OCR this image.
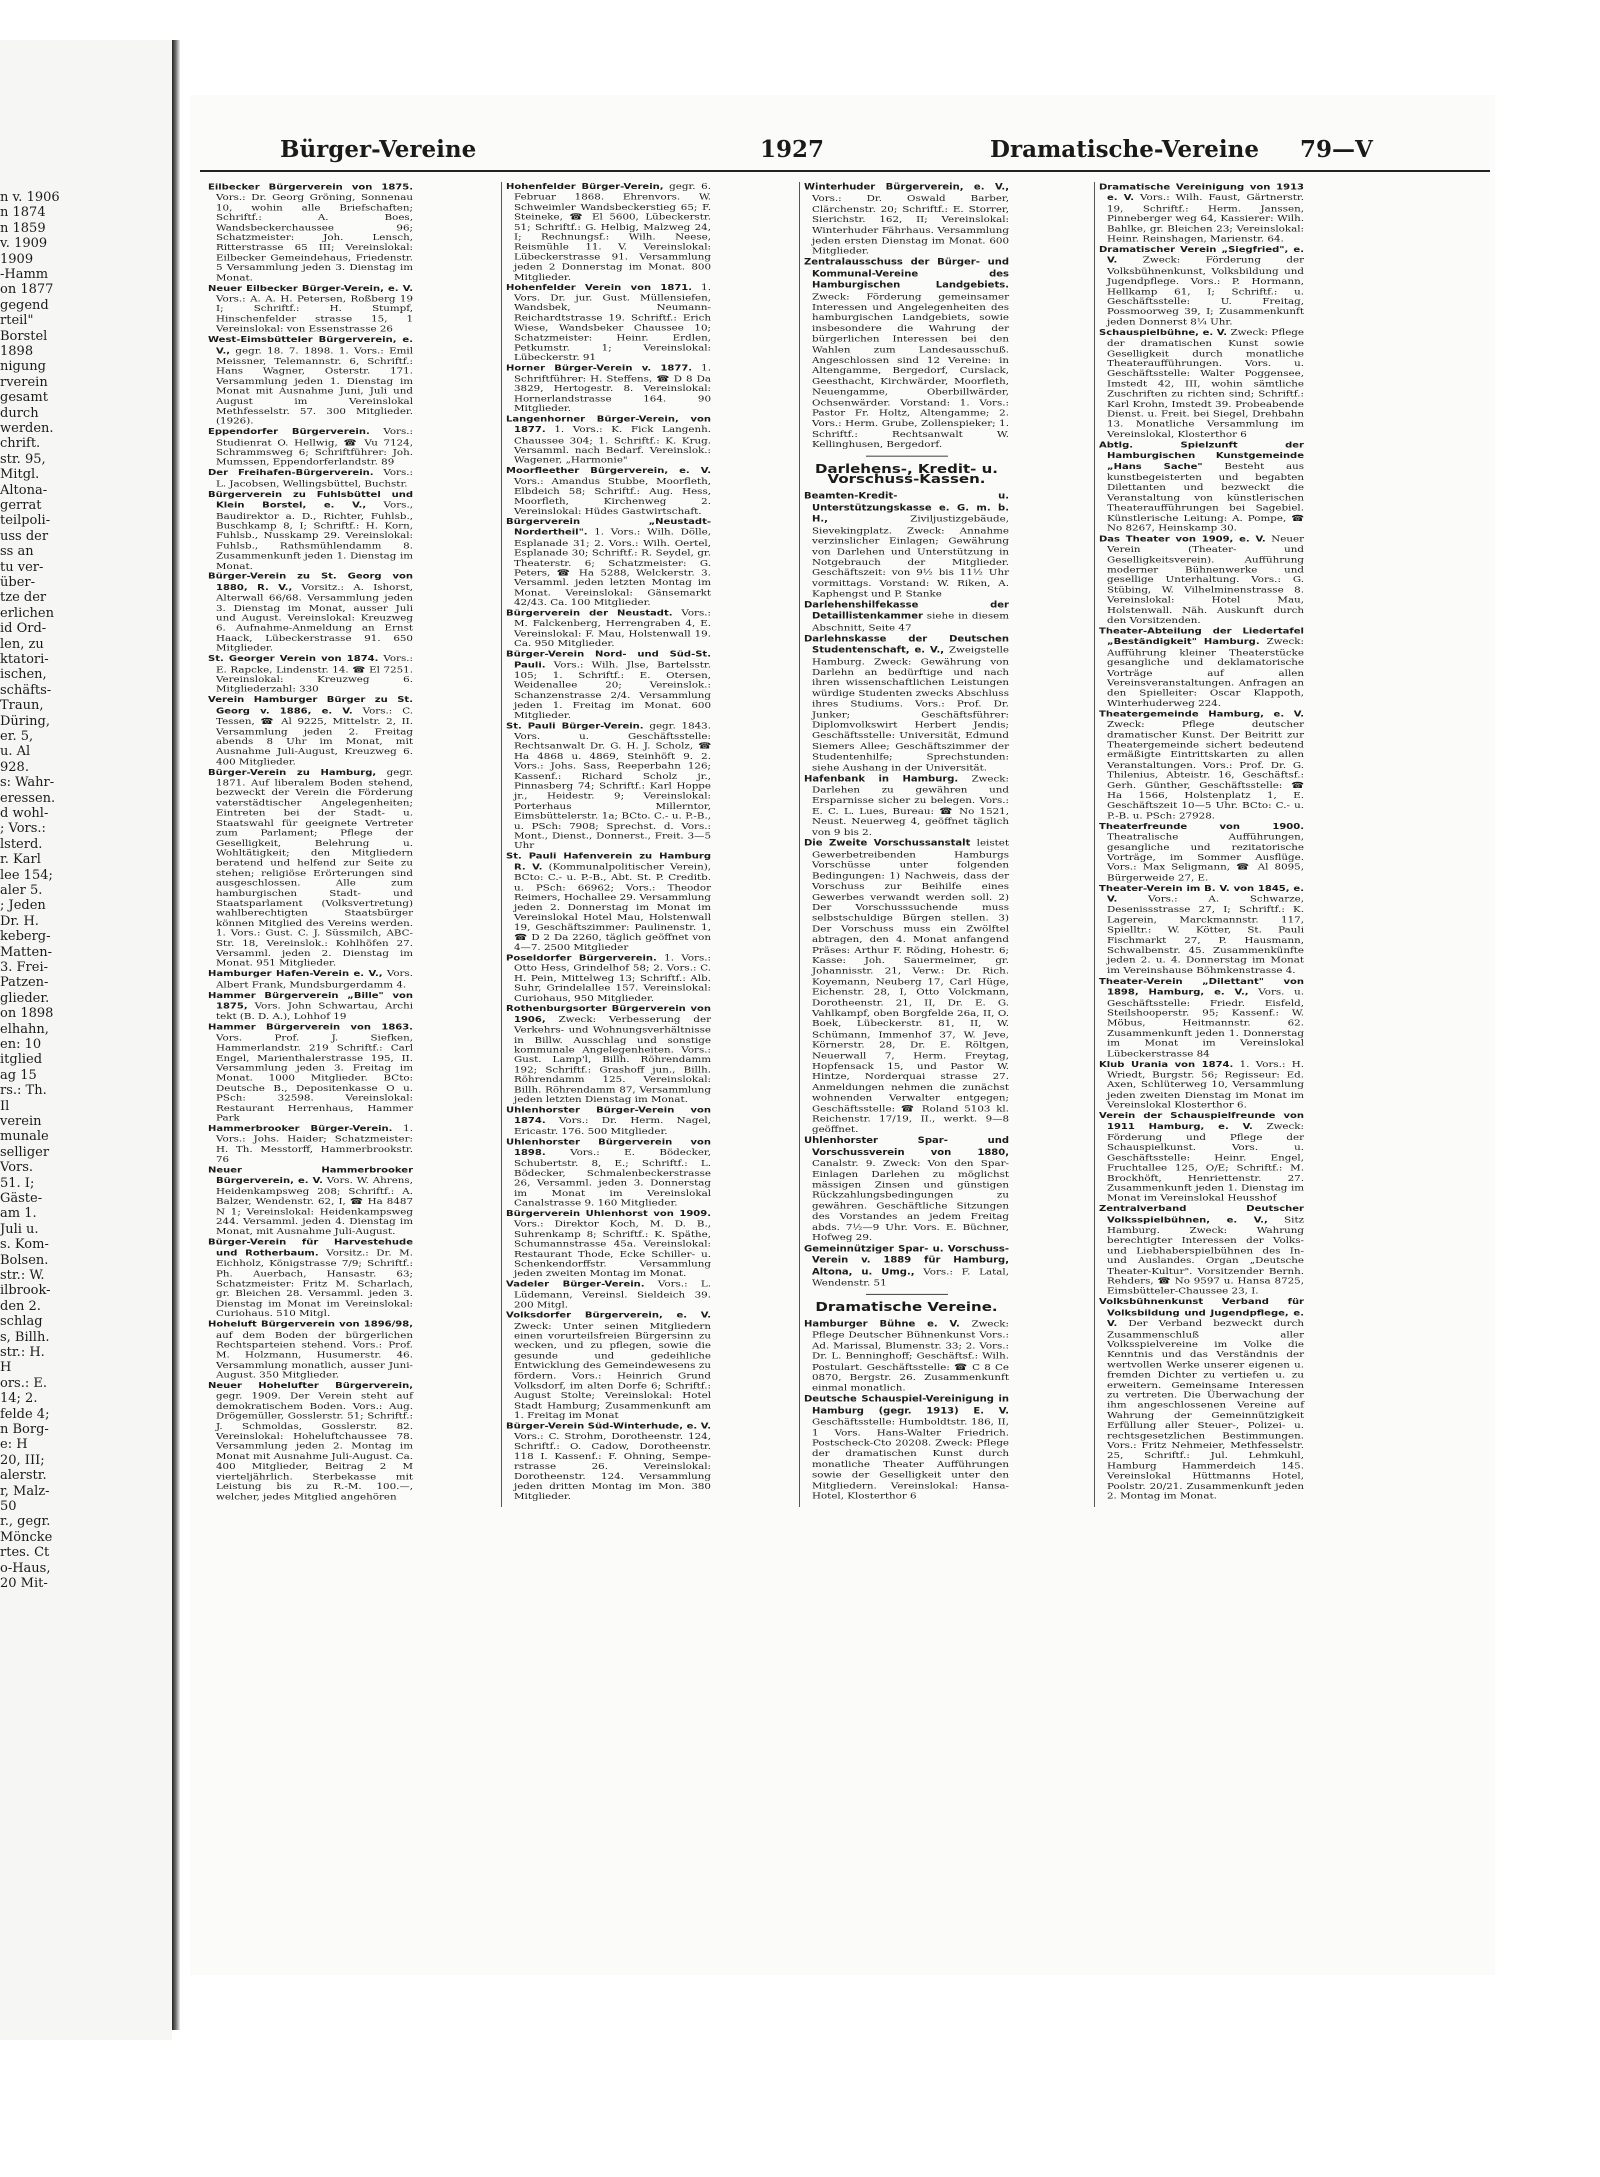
n v. 1906
n 1874
n 1859
v. 1909
1909
-Hamm
on 1877
gegend
rteil"
Borstel
1898
nigung
rverein
gesamt
durch
werden.
chrift.
str. 95,
Mitgl.
Altona-
gerrat
teilpoli-
uss der
ss an
tu ver-
über-
tze der
erlichen
id Ord-
len, zu
ktatori-
ischen,
schäfts-
Traun,
Düring,
er. 5,
u. Al
928.
s: Wahr-
eressen.
d wohl-
; Vors.:
lsterd.
r. Karl
lee 154;
aler 5.
; Jeden
Dr. H.
keberg-
Matten-
3. Frei-
Patzen-
glieder.
on 1898
elhahn,
en: 10
itglied
ag 15
rs.: Th.
Il
verein
munale
selliger
Vors.
51. I;
Gäste-
am 1.
Juli u.
s. Kom-
Bolsen.
str.: W.
ilbrook-
den 2.
schlag
s, Billh.
str.: H.
H
ors.: E.
14; 2.
felde 4;
n Borg-
e: H
20, III;
alerstr.
r, Malz-
50
r., gegr.
Möncke
rtes. Ct
o-Haus,
20 Mit-
Bürger-Vereine	1927	Dramatische-Vereine 79—V

Eilbecker Bürgerverein von 1875. Vors.: Dr. Georg Gröning, Sonnenau 10, wohin alle Briefschaften; Schriftf.: A. Boes, Wandsbeckerchaussee 96; Schatzmeister: Joh. Lensch, Ritterstrasse 65 III; Vereinslokal: Eilbecker Gemeindehaus, Friedenstr. 5 Versammlung jeden 3. Dienstag im Monat.

Neuer Eilbecker Bürger-Verein, e. V. Vors.: A. A. H. Petersen, Roßberg 19 I; Schriftf.: H. Stumpf, Hinschenfelder strasse 15, 1 Vereinslokal: von Essenstrasse 26

West-Eimsbütteler Bürgerverein, e. V., gegr. 18. 7. 1898. 1. Vors.: Emil Meissner, Telemannstr. 6, Schriftf.: Hans Wagner, Osterstr. 171. Versammlung jeden 1. Dienstag im Monat mit Ausnahme Juni, Juli und August im Vereinslokal Methfesselstr. 57. 300 Mitglieder. (1926).

Eppendorfer Bürgerverein. Vors.: Studienrat O. Hellwig, ☎ Vu 7124, Schrammsweg 6; Schriftführer: Joh. Mumssen, Eppendorferlandstr. 89

Der Freihafen-Bürgerverein. Vors.: L. Jacobsen, Wellingsbüttel, Buchstr.

Bürgerverein zu Fuhlsbüttel und Klein Borstel, e. V., Vors., Baudirektor a. D., Richter, Fuhlsb., Buschkamp 8, I; Schriftf.: H. Korn, Fuhlsb., Nusskamp 29. Vereinslokal: Fuhlsb., Rathsmühlendamm 8. Zusammenkunft jeden 1. Dienstag im Monat.

Bürger-Verein zu St. Georg von 1880, R. V., Vorsitz.: A. Ishorst, Alterwall 66/68. Versammlung jeden 3. Dienstag im Monat, ausser Juli und August. Vereinslokal: Kreuzweg 6. Aufnahme-Anmeldung an Ernst Haack, Lübeckerstrasse 91. 650 Mitglieder.

St. Georger Verein von 1874. Vors.: E. Rapcke, Lindenstr. 14. ☎ El 7251. Vereinslokal: Kreuzweg 6. Mitgliederzahl: 330

Verein Hamburger Bürger zu St. Georg v. 1886, e. V. Vors.: C. Tessen, ☎ Al 9225, Mittelstr. 2, II. Versammlung jeden 2. Freitag abends 8 Uhr im Monat, mit Ausnahme Juli-August, Kreuzweg 6. 400 Mitglieder.

Bürger-Verein zu Hamburg, gegr. 1871. Auf liberalem Boden stehend, bezweckt der Verein die Förderung vaterstädtischer Angelegenheiten; Eintreten bei der Stadt- u. Staatswahl für geeignete Vertreter zum Parlament; Pflege der Geselligkeit, Belehrung u. Wohltätigkeit; den Mitgliedern beratend und helfend zur Seite zu stehen; religiöse Erörterungen sind ausgeschlossen. Alle zum hamburgischen Stadt- und Staatsparlament (Volksvertretung) wahlberechtigten Staatsbürger können Mitglied des Vereins werden. 1. Vors.: Gust. C. J. Süssmilch, ABC-Str. 18, Vereinslok.: Kohlhöfen 27. Versamml. jeden 2. Dienstag im Monat. 951 Mitglieder.

Hamburger Hafen-Verein e. V., Vors. Albert Frank, Mundsburgerdamm 4.

Hammer Bürgerverein „Bille" von 1875, Vors. John Schwartau, Archi tekt (B. D. A.), Lohhof 19

Hammer Bürgerverein von 1863. Vors. Prof. J. Siefken, Hammerlandstr. 219 Schriftf.: Carl Engel, Marienthalerstrasse 195, II. Versammlung jeden 3. Freitag im Monat. 1000 Mitglieder. BCto: Deutsche B., Depositenkasse O u. PSch: 32598. Vereinslokal: Restaurant Herrenhaus, Hammer Park

Hammerbrooker Bürger-Verein. 1. Vors.: Johs. Haider; Schatzmeister: H. Th. Messtorff, Hammerbrookstr. 76

Neuer Hammerbrooker Bürgerverein, e. V. Vors. W. Ahrens, Heidenkampsweg 208; Schriftf.: A. Balzer, Wendenstr. 62, I, ☎ Ha 8487 N 1; Vereinslokal: Heidenkampsweg 244. Versamml. jeden 4. Dienstag im Monat, mit Ausnahme Juli-August.

Bürger-Verein für Harvestehude und Rotherbaum. Vorsitz.: Dr. M. Eichholz, Königstrasse 7/9; Schriftf.: Ph. Auerbach, Hansastr. 63; Schatzmeister: Fritz M. Scharlach, gr. Bleichen 28. Versamml. jeden 3. Dienstag im Monat im Vereinslokal: Curiohaus. 510 Mitgl.

Hoheluft Bürgerverein von 1896/98, auf dem Boden der bürgerlichen Rechtsparteien stehend. Vors.: Prof. M. Holzmann, Husumerstr. 46. Versammlung monatlich, ausser Juni-August. 350 Mitglieder.

Neuer Hohelufter Bürgerverein, gegr. 1909. Der Verein steht auf demokratischem Boden. Vors.: Aug. Drögemüller, Gosslerstr. 51; Schriftf.: J. Schmoldas, Gosslerstr. 82. Vereinslokal: Hoheluftchaussee 78. Versammlung jeden 2. Montag im Monat mit Ausnahme Juli-August. Ca. 400 Mitglieder, Beitrag 2 M vierteljährlich. Sterbekasse mit Leistung bis zu R.-M. 100.—, welcher, jedes Mitglied angehören

Hohenfelder Bürger-Verein, gegr. 6. Februar 1868. Ehrenvors. W. Schweimler Wandsbeckerstieg 65; F. Steineke, ☎ El 5600, Lübeckerstr. 51; Schriftf.: G. Helbig, Malzweg 24, I; Rechnungsf.: Wilh. Neese, Reismühle 11. V. Vereinslokal: Lübeckerstrasse 91. Versammlung jeden 2 Donnerstag im Monat. 800 Mitglieder.

Hohenfelder Verein von 1871. 1. Vors. Dr. jur. Gust. Müllensiefen, Wandsbek, Neumann-Reichardtstrasse 19. Schriftf.: Erich Wiese, Wandsbeker Chaussee 10; Schatzmeister: Heinr. Erdlen, Petkumstr. 1; Vereinslokal: Lübeckerstr. 91

Horner Bürger-Verein v. 1877. 1. Schriftführer: H. Steffens, ☎ D 8 Da 3829, Hertogestr. 8. Vereinslokal: Hornerlandstrasse 164. 90 Mitglieder.

Langenhorner Bürger-Verein, von 1877. 1. Vors.: K. Fick Langenh. Chaussee 304; 1. Schriftf.: K. Krug. Versamml. nach Bedarf. Vereinslok.: Wagener, „Harmonie"

Moorfleether Bürgerverein, e. V. Vors.: Amandus Stubbe, Moorfleth, Elbdeich 58; Schriftf.: Aug. Hess, Moorfleth, Kirchenweg 2. Vereinslokal: Hüdes Gastwirtschaft.

Bürgerverein „Neustadt-Nordertheil". 1. Vors.: Wilh. Dölle, Esplanade 31; 2. Vors.: Wilh. Oertel, Esplanade 30; Schriftf.: R. Seydel, gr. Theaterstr. 6; Schatzmeister: G. Peters, ☎ Ha 5288, Welckerstr. 3. Versamml. jeden letzten Montag im Monat. Vereinslokal: Gänsemarkt 42/43. Ca. 100 Mitglieder.

Bürgerverein der Neustadt. Vors.: M. Falckenberg, Herrengraben 4, E. Vereinslokal: F. Mau, Holstenwall 19. Ca. 950 Mitglieder.

Bürger-Verein Nord- und Süd-St. Pauli. Vors.: Wilh. Jlse, Bartelsstr. 105; 1. Schriftf.: E. Otersen, Weidenallee 20; Vereinslok.: Schanzenstrasse 2/4. Versammlung jeden 1. Freitag im Monat. 600 Mitglieder.

St. Pauli Bürger-Verein. gegr. 1843. Vors. u. Geschäftsstelle: Rechtsanwalt Dr. G. H. J. Scholz, ☎ Ha 4868 u. 4869, Steinhöft 9. 2. Vors.: Johs. Sass, Reeperbahn 126; Kassenf.: Richard Scholz jr., Pinnasberg 74; Schriftf.: Karl Hoppe jr., Heidestr. 9; Vereinslokal: Porterhaus Millerntor, Eimsbüttelerstr. 1a; BCto. C.- u. P.-B., u. PSch: 7908; Sprechst. d. Vors.: Mont., Dienst., Donnerst., Freit. 3—5 Uhr

St. Pauli Hafenverein zu Hamburg R. V. (Kommunalpolitischer Verein), BCto: C.- u. P.-B., Abt. St. P. Creditb. u. PSch: 66962; Vors.: Theodor Reimers, Hochallee 29. Versammlung jeden 2. Donnerstag im Monat im Vereinslokal Hotel Mau, Holstenwall 19, Geschäftszimmer: Paulinenstr. 1, ☎ D 2 Da 2260, täglich geöffnet von 4—7. 2500 Mitglieder

Poseldorfer Bürgerverein. 1. Vors.: Otto Hess, Grindelhof 58; 2. Vors.: C. H. Pein, Mittelweg 13; Schriftf.: Alb. Suhr, Grindelallee 157. Vereinslokal: Curiohaus, 950 Mitglieder.

Rothenburgsorter Bürgerverein von 1906, Zweck: Verbesserung der Verkehrs- und Wohnungsverhältnisse in Billw. Ausschlag und sonstige kommunale Angelegenheiten. Vors.: Gust. Lamp'l, Billh. Röhrendamm 192; Schriftf.: Grashoff jun., Billh. Röhrendamm 125. Vereinslokal: Billh. Röhrendamm 87, Versammlung jeden letzten Dienstag im Monat.

Uhlenhorster Bürger-Verein von 1874. Vors.: Dr. Herm. Nagel, Ericastr. 176. 500 Mitglieder.

Uhlenhorster Bürgerverein von 1898. Vors.: E. Bödecker, Schubertstr. 8, E.; Schriftf.: L. Bödecker, Schmalenbeckerstrasse 26, Versamml. jeden 3. Donnerstag im Monat im Vereinslokal Canalstrasse 9. 160 Mitglieder.

Bürgerverein Uhlenhorst von 1909. Vors.: Direktor Koch, M. D. B., Suhrenkamp 8; Schriftf.: K. Späthe, Schumannstrasse 45a. Vereinslokal: Restaurant Thode, Ecke Schiller- u. Schenkendorffstr. Versammlung jeden zweiten Montag im Monat.

Vadeler Bürger-Verein. Vors.: L. Lüdemann, Vereinsl. Sieldeich 39. 200 Mitgl.

Volksdorfer Bürgerverein, e. V. Zweck: Unter seinen Mitgliedern einen vorurteilsfreien Bürgersinn zu wecken, und zu pflegen, sowie die gesunde und gedeihliche Entwicklung des Gemeindewesens zu fördern. Vors.: Heinrich Grund Volksdorf, im alten Dorfe 6; Schriftf.: August Stolte; Vereinslokal: Hotel Stadt Hamburg; Zusammenkunft am 1. Freitag im Monat

Bürger-Verein Süd-Winterhude, e. V. Vors.: C. Strohm, Dorotheenstr. 124, Schriftf.: O. Cadow, Dorotheenstr. 118 I. Kassenf.: F. Ohning, Semperstrasse 26. Vereinslokal: Dorotheenstr. 124. Versammlung jeden dritten Montag im Mon. 380 Mitglieder.

Winterhuder Bürgerverein, e. V., Vors.: Dr. Oswald Barber, Clärchenstr. 20; Schriftf.: E. Storrer, Sierichstr. 162, II; Vereinslokal: Winterhuder Fährhaus. Versammlung jeden ersten Dienstag im Monat. 600 Mitglieder.

Zentralausschuss der Bürger- und Kommunal-Vereine des Hamburgischen Landgebiets. Zweck: Förderung gemeinsamer Interessen und Angelegenheiten des hamburgischen Landgebiets, sowie insbesondere die Wahrung der bürgerlichen Interessen bei den Wahlen zum Landesausschuß. Angeschlossen sind 12 Vereine: in Altengamme, Bergedorf, Curslack, Geesthacht, Kirchwärder, Moorfleth, Neuengamme, Oberbillwärder, Ochsenwärder. Vorstand: 1. Vors.: Pastor Fr. Holtz, Altengamme; 2. Vors.: Herm. Grube, Zollenspieker; 1. Schriftf.: Rechtsanwalt W. Kellinghusen, Bergedorf.

Darlehens-, Kredit- u. Vorschuss-Kassen.

Beamten-Kredit- u. Unterstützungskasse e. G. m. b. H., Ziviljustizgebäude, Sievekingplatz. Zweck: Annahme verzinslicher Einlagen; Gewährung von Darlehen und Unterstützung in Notgebrauch der Mitglieder. Geschäftszeit: von 9½ bis 11½ Uhr vormittags. Vorstand: W. Riken, A. Kaphengst und P. Stanke

Darlehenshilfekasse der Detaillistenkammer siehe in diesem Abschnitt, Seite 47

Darlehnskasse der Deutschen Studentenschaft, e. V., Zweigstelle Hamburg. Zweck: Gewährung von Darlehn an bedürftige und nach ihren wissenschaftlichen Leistungen würdige Studenten zwecks Abschluss ihres Studiums. Vors.: Prof. Dr. Junker; Geschäftsführer: Diplomvolkswirt Herbert Jendis; Geschäftsstelle: Universität, Edmund Siemers Allee; Geschäftszimmer der Studentenhilfe; Sprechstunden: siehe Aushang in der Universität.

Hafenbank in Hamburg. Zweck: Darlehen zu gewähren und Ersparnisse sicher zu belegen. Vors.: E. C. L. Lues, Bureau: ☎ No 1521, Neust. Neuerweg 4, geöffnet täglich von 9 bis 2.

Die Zweite Vorschussanstalt leistet Gewerbetreibenden Hamburgs Vorschüsse unter folgenden Bedingungen: 1) Nachweis, dass der Vorschuss zur Beihilfe eines Gewerbes verwandt werden soll. 2) Der Vorschusssuchende muss selbstschuldige Bürgen stellen. 3) Der Vorschuss muss ein Zwölftel abtragen, den 4. Monat anfangend Präses: Arthur F. Röding, Hohestr. 6; Kasse: Joh. Sauermeimer, gr. Johannisstr. 21, Verw.: Dr. Rich. Koyemann, Neuberg 17, Carl Hüge, Eichenstr. 28, I, Otto Volckmann, Dorotheenstr. 21, II, Dr. E. G. Vahlkampf, oben Borgfelde 26a, II, O. Boek, Lübeckerstr. 81, II, W. Schümann, Immenhof 37, W. Jeve, Körnerstr. 28, Dr. E. Röltgen, Neuerwall 7, Herm. Freytag, Hopfensack 15, und Pastor W. Hintze, Norderquai strasse 27. Anmeldungen nehmen die zunächst wohnenden Verwalter entgegen; Geschäftsstelle: ☎ Roland 5103 kl. Reichenstr. 17/19, II., werkt. 9—8 geöffnet.

Uhlenhorster Spar- und Vorschussverein von 1880, Canalstr. 9. Zweck: Von den Spar-Einlagen Darlehen zu möglichst mässigen Zinsen und günstigen Rückzahlungsbedingungen zu gewähren. Geschäftliche Sitzungen des Vorstandes an jedem Freitag abds. 7½—9 Uhr. Vors. E. Büchner, Hofweg 29.

Gemeinnütziger Spar- u. Vorschuss-Verein v. 1889 für Hamburg, Altona, u. Umg., Vors.: F. Latal, Wendenstr. 51

Dramatische Vereine.

Hamburger Bühne e. V. Zweck: Pflege Deutscher Bühnenkunst Vors.: Ad. Marissal, Blumenstr. 33; 2. Vors.: Dr. L. Benninghoff; Geschäftsf.: Wilh. Postulart. Geschäftsstelle: ☎ C 8 Ce 0870, Bergstr. 26. Zusammenkunft einmal monatlich.

Deutsche Schauspiel-Vereinigung in Hamburg (gegr. 1913) E. V. Geschäftsstelle: Humboldtstr. 186, II, 1 Vors. Hans-Walter Friedrich. Postscheck-Cto 20208. Zweck: Pflege der dramatischen Kunst durch monatliche Theater Aufführungen sowie der Geselligkeit unter den Mitgliedern. Vereinslokal: Hansa-Hotel, Klosterthor 6

Dramatische Vereinigung von 1913 e. V. Vors.: Wilh. Faust, Gärtnerstr. 19, Schriftf.: Herm. Janssen, Pinneberger weg 64, Kassierer: Wilh. Bahlke, gr. Bleichen 23; Vereinslokal: Heinr. Reinshagen, Marienstr. 64.

Dramatischer Verein „Siegfried", e. V. Zweck: Förderung der Volksbühnenkunst, Volksbildung und Jugendpflege. Vors.: P. Hormann, Hellkamp 61, I; Schriftf.: u. Geschäftsstelle: U. Freitag, Possmoorweg 39, I; Zusammenkunft jeden Donnerst 8¼ Uhr.

Schauspielbühne, e. V. Zweck: Pflege der dramatischen Kunst sowie Geselligkeit durch monatliche Theateraufführungen. Vors. u. Geschäftsstelle: Walter Poggensee, Imstedt 42, III, wohin sämtliche Zuschriften zu richten sind; Schriftf.: Karl Krohn, Imstedt 39. Probeabende Dienst. u. Freit. bei Siegel, Drehbahn 13. Monatliche Versammlung im Vereinslokal, Klosterthor 6

Abtlg. Spielzunft der Hamburgischen Kunstgemeinde „Hans Sache" Besteht aus kunstbegeisterten und begabten Dilettanten und bezweckt die Veranstaltung von künstlerischen Theateraufführungen bei Sagebiel. Künstlerische Leitung: A. Pompe, ☎ No 8267, Heinskamp 30.

Das Theater von 1909, e. V. Neuer Verein (Theater- und Geselligkeitsverein). Aufführung moderner Bühnenwerke und gesellige Unterhaltung. Vors.: G. Stübing, W. Vilhelminenstrasse 8. Vereinslokal: Hotel Mau, Holstenwall. Näh. Auskunft durch den Vorsitzenden.

Theater-Abteilung der Liedertafel „Beständigkeit" Hamburg. Zweck: Aufführung kleiner Theaterstücke gesangliche und deklamatorische Vorträge auf allen Vereinsveranstaltungen. Anfragen an den Spielleiter: Oscar Klappoth, Winterhuderweg 224.

Theatergemeinde Hamburg, e. V. Zweck: Pflege deutscher dramatischer Kunst. Der Beitritt zur Theatergemeinde sichert bedeutend ermäßigte Eintrittskarten zu allen Veranstaltungen. Vors.: Prof. Dr. G. Thilenius, Abteistr. 16, Geschäftsf.: Gerh. Günther, Geschäftsstelle: ☎ Ha 1566, Holstenplatz 1, E. Geschäftszeit 10—5 Uhr. BCto: C.- u. P.-B. u. PSch: 27928.

Theaterfreunde von 1900. Theatralische Aufführungen, gesangliche und rezitatorische Vorträge, im Sommer Ausflüge. Vors.: Max Seligmann, ☎ Al 8095, Bürgerweide 27, E.

Theater-Verein im B. V. von 1845, e. V. Vors.: A. Schwarze, Desenissstrasse 27, I; Schriftf.: K. Lagerein, Marckmannstr. 117, Spielltr.: W. Kötter, St. Pauli Fischmarkt 27, P. Hausmann, Schwalbenstr. 45. Zusammenkünfte jeden 2. u. 4. Donnerstag im Monat im Vereinshause Böhmkenstrasse 4.

Theater-Verein „Dilettant" von 1898, Hamburg, e. V., Vors. u. Geschäftsstelle: Friedr. Eisfeld, Steilshooperstr. 95; Kassenf.: W. Möbus, Heitmannstr. 62. Zusammenkunft jeden 1. Donnerstag im Monat im Vereinslokal Lübeckerstrasse 84

Klub Urania von 1874. 1. Vors.: H. Wriedt, Burgstr. 56; Regisseur: Ed. Axen, Schlüterweg 10, Versammlung jeden zweiten Dienstag im Monat im Vereinslokal Klosterthor 6.

Verein der Schauspielfreunde von 1911 Hamburg, e. V. Zweck: Förderung und Pflege der Schauspielkunst. Vors. u. Geschäftsstelle: Heinr. Engel, Fruchtallee 125, O/E; Schriftf.: M. Brockhöft, Henriettenstr. 27. Zusammenkunft jeden 1. Dienstag im Monat im Vereinslokal Heusshof

Zentralverband Deutscher Volksspielbühnen, e. V., Sitz Hamburg. Zweck: Wahrung berechtigter Interessen der Volks- und Liebhaberspielbühnen des In- und Auslandes. Organ „Deutsche Theater-Kultur". Vorsitzender Bernh. Rehders, ☎ No 9597 u. Hansa 8725, Eimsbütteler-Chaussee 23, I.

Volksbühnenkunst Verband für Volksbildung und Jugendpflege, e. V. Der Verband bezweckt durch Zusammenschluß aller Volksspielvereine im Volke die Kenntnis und das Verständnis der wertvollen Werke unserer eigenen u. fremden Dichter zu vertiefen u. zu erweitern. Gemeinsame Interessen zu vertreten. Die Überwachung der ihm angeschlossenen Vereine auf Wahrung der Gemeinnützigkeit Erfüllung aller Steuer-, Polizei- u. rechtsgesetzlichen Bestimmungen. Vors.: Fritz Nehmeier, Methfesselstr. 25, Schriftf.: Jul. Lehmkuhl, Hamburg Hammerdeich 145. Vereinslokal Hüttmanns Hotel, Poolstr. 20/21. Zusammenkunft jeden 2. Montag im Monat.
